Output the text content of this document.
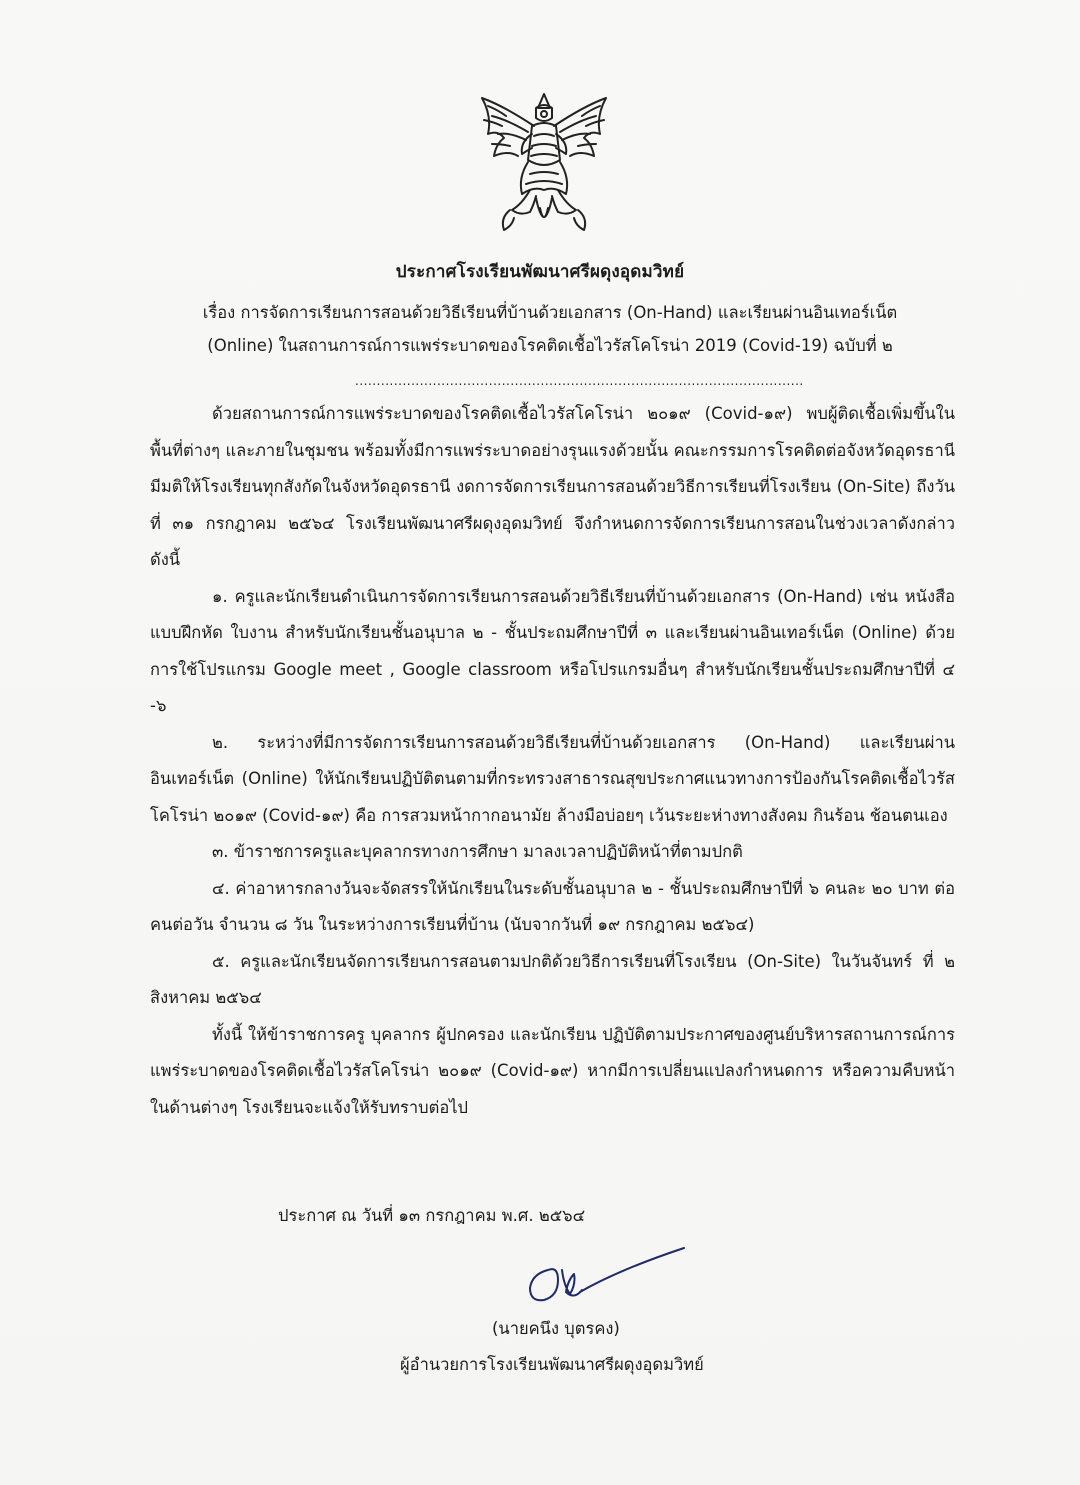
ประกาศโรงเรียนพัฒนาศรีผดุงอุดมวิทย์
เรื่อง การจัดการเรียนการสอนด้วยวิธีเรียนที่บ้านด้วยเอกสาร (On-Hand) และเรียนผ่านอินเทอร์เน็ต
(Online) ในสถานการณ์การแพร่ระบาดของโรคติดเชื้อไวรัสโคโรน่า 2019 (Covid-19) ฉบับที่ ๒
........................................................................................................

ด้วยสถานการณ์การแพร่ระบาดของโรคติดเชื้อไวรัสโคโรน่า ๒๐๑๙ (Covid-๑๙) พบผู้ติดเชื้อเพิ่มขึ้นในพื้นที่ต่างๆ และภายในชุมชน พร้อมทั้งมีการแพร่ระบาดอย่างรุนแรงด้วยนั้น คณะกรรมการโรคติดต่อจังหวัดอุดรธานี มีมติให้โรงเรียนทุกสังกัดในจังหวัดอุดรธานี งดการจัดการเรียนการสอนด้วยวิธีการเรียนที่โรงเรียน (On-Site) ถึงวันที่ ๓๑ กรกฎาคม ๒๕๖๔ โรงเรียนพัฒนาศรีผดุงอุดมวิทย์ จึงกำหนดการจัดการเรียนการสอนในช่วงเวลาดังกล่าว ดังนี้

๑. ครูและนักเรียนดำเนินการจัดการเรียนการสอนด้วยวิธีเรียนที่บ้านด้วยเอกสาร (On-Hand) เช่น หนังสือ แบบฝึกหัด ใบงาน สำหรับนักเรียนชั้นอนุบาล ๒ - ชั้นประถมศึกษาปีที่ ๓ และเรียนผ่านอินเทอร์เน็ต (Online) ด้วยการใช้โปรแกรม Google meet , Google classroom หรือโปรแกรมอื่นๆ สำหรับนักเรียนชั้นประถมศึกษาปีที่ ๔ -๖

๒. ระหว่างที่มีการจัดการเรียนการสอนด้วยวิธีเรียนที่บ้านด้วยเอกสาร (On-Hand) และเรียนผ่านอินเทอร์เน็ต (Online) ให้นักเรียนปฏิบัติตนตามที่กระทรวงสาธารณสุขประกาศแนวทางการป้องกันโรคติดเชื้อไวรัสโคโรน่า ๒๐๑๙ (Covid-๑๙) คือ การสวมหน้ากากอนามัย ล้างมือบ่อยๆ เว้นระยะห่างทางสังคม กินร้อน ช้อนตนเอง

๓. ข้าราชการครูและบุคลากรทางการศึกษา มาลงเวลาปฏิบัติหน้าที่ตามปกติ

๔. ค่าอาหารกลางวันจะจัดสรรให้นักเรียนในระดับชั้นอนุบาล ๒ - ชั้นประถมศึกษาปีที่ ๖ คนละ ๒๐ บาท ต่อคนต่อวัน จำนวน ๘ วัน ในระหว่างการเรียนที่บ้าน (นับจากวันที่ ๑๙ กรกฎาคม ๒๕๖๔)

๕. ครูและนักเรียนจัดการเรียนการสอนตามปกติด้วยวิธีการเรียนที่โรงเรียน (On-Site) ในวันจันทร์ ที่ ๒ สิงหาคม ๒๕๖๔

ทั้งนี้ ให้ข้าราชการครู บุคลากร ผู้ปกครอง และนักเรียน ปฏิบัติตามประกาศของศูนย์บริหารสถานการณ์การแพร่ระบาดของโรคติดเชื้อไวรัสโคโรน่า ๒๐๑๙ (Covid-๑๙) หากมีการเปลี่ยนแปลงกำหนดการ หรือความคืบหน้าในด้านต่างๆ โรงเรียนจะแจ้งให้รับทราบต่อไป

ประกาศ ณ วันที่ ๑๓ กรกฎาคม พ.ศ. ๒๕๖๔
(นายคนึง บุตรคง)
ผู้อำนวยการโรงเรียนพัฒนาศรีผดุงอุดมวิทย์
